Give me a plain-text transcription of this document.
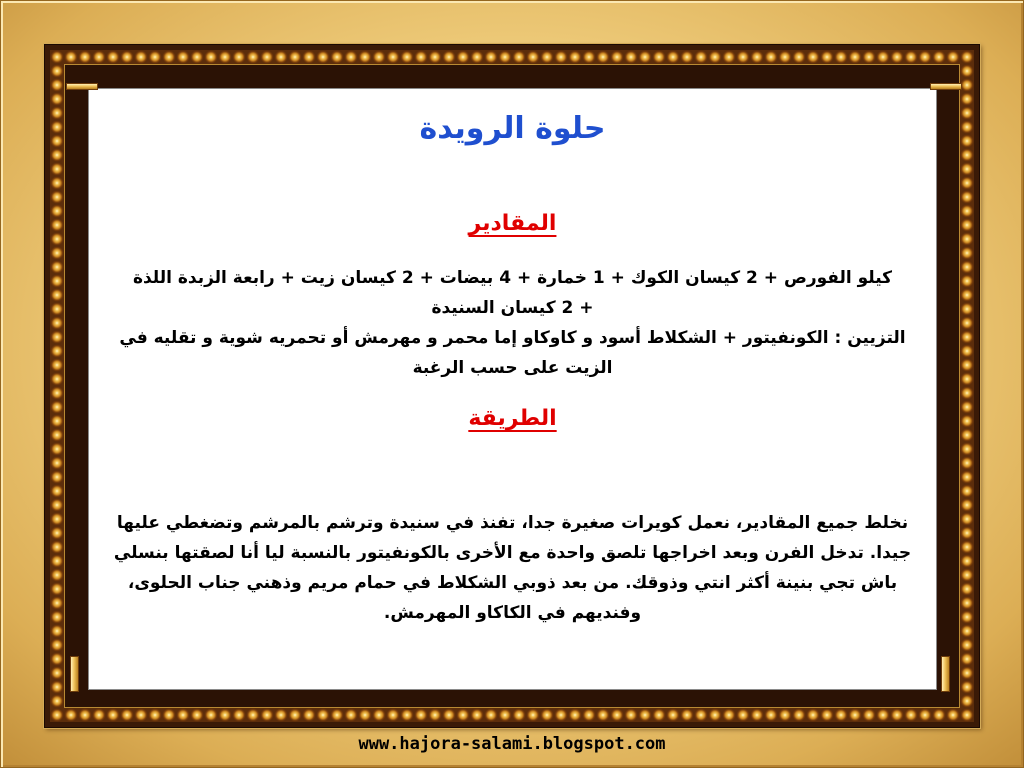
حلوة الرويدة
المقادير
كيلو الفورص + 2 كيسان الكوك + 1 خمارة + 4 بيضات + 2 كيسان زيت + رابعة الزبدة اللذة
+ 2 كيسان السنيدة
التزيين : الكونفيتور + الشكلاط أسود و كاوكاو إما محمر و مهرمش أو تحمريه شوية و تقليه في
الزيت على حسب الرغبة
الطريقة
نخلط جميع المقادير، نعمل كويرات صغيرة جدا، تفنذ في سنيدة وترشم بالمرشم وتضغطي عليها
جيدا. تدخل الفرن وبعد اخراجها تلصق واحدة مع الأخرى بالكونفيتور بالنسبة ليا أنا لصقتها بنسلي
باش تجي بنينة أكثر انتي وذوقك. من بعد ذوبي الشكلاط في حمام مريم وذهني جناب الحلوى،
وفنديهم في الكاكاو المهرمش.
www.hajora-salami.blogspot.com
